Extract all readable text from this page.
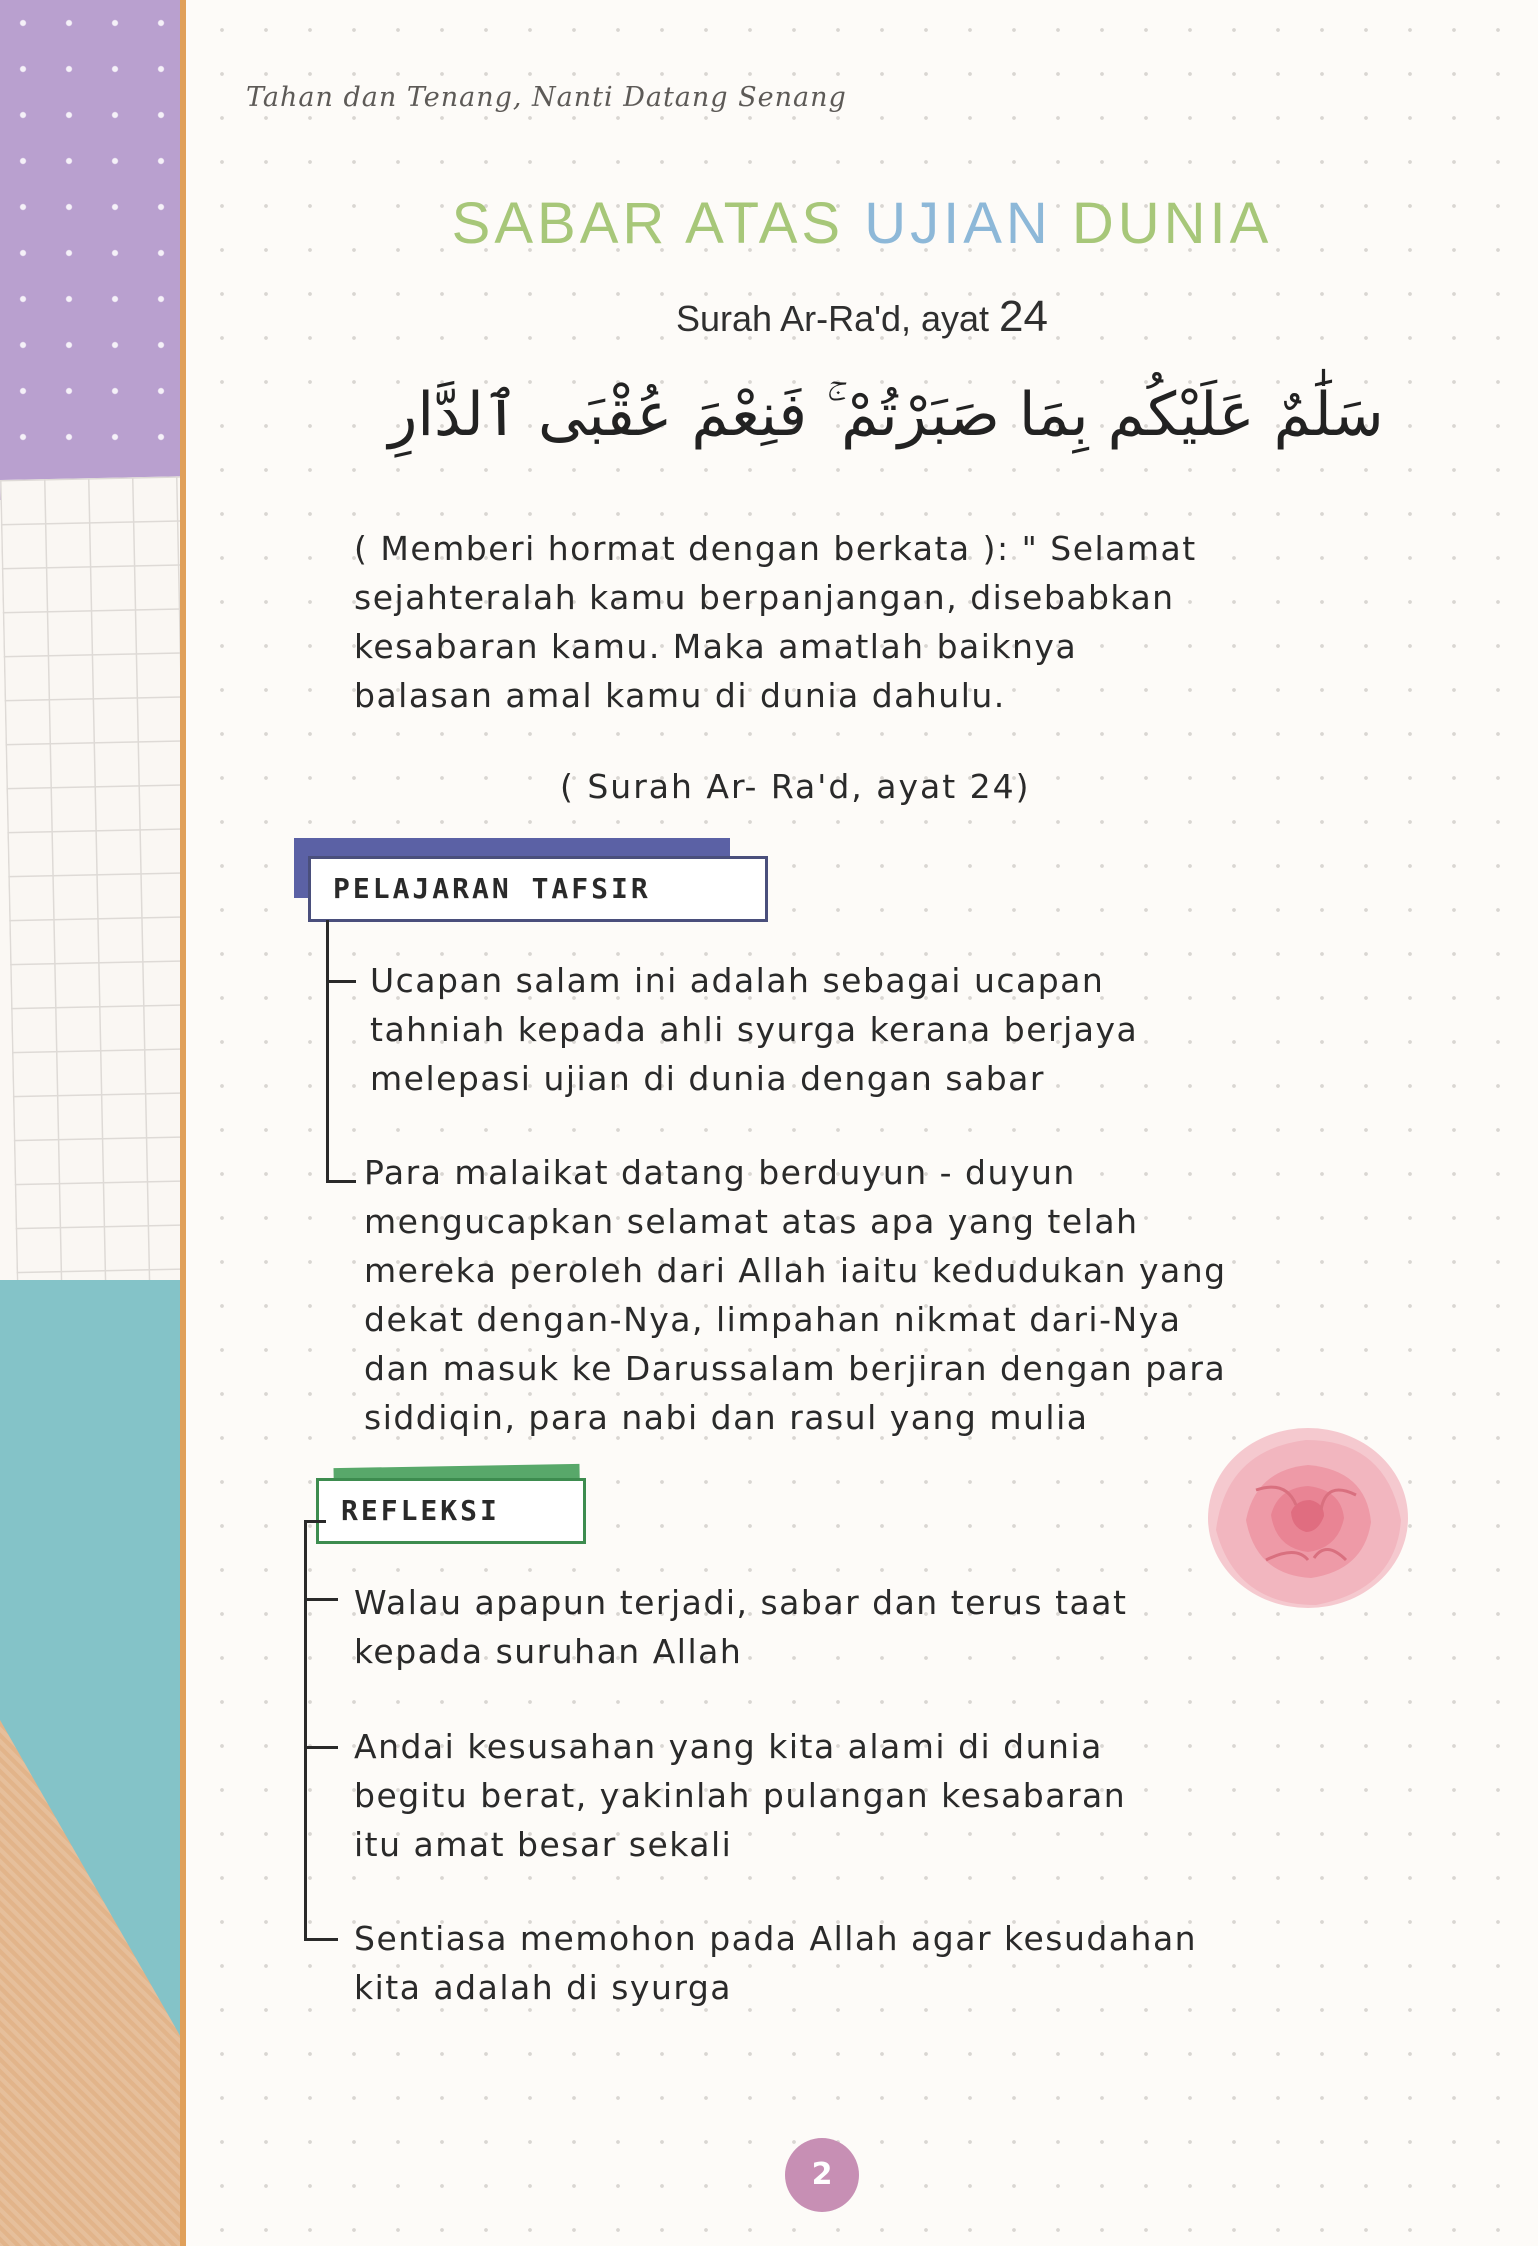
Tahan dan Tenang, Nanti Datang Senang
SABAR ATAS UJIAN DUNIA
Surah Ar-Ra'd, ayat 24
سَلَٰمٌ عَلَيْكُم بِمَا صَبَرْتُمْ ۚ فَنِعْمَ عُقْبَى ٱلدَّارِ

( Memberi hormat dengan berkata ): " Selamat

sejahteralah kamu berpanjangan, disebabkan

kesabaran kamu. Maka amatlah baiknya

balasan amal kamu di dunia dahulu.

( Surah Ar- Ra'd, ayat 24)
PELAJARAN TAFSIR

Ucapan salam ini adalah sebagai ucapan

tahniah kepada ahli syurga kerana berjaya

melepasi ujian di dunia dengan sabar

Para malaikat datang berduyun - duyun

mengucapkan selamat atas apa yang telah

mereka peroleh dari Allah iaitu kedudukan yang

dekat dengan-Nya, limpahan nikmat dari-Nya

dan masuk ke Darussalam berjiran dengan para

siddiqin, para nabi dan rasul yang mulia

REFLEKSI

Walau apapun terjadi, sabar dan terus taat

kepada suruhan Allah

Andai kesusahan yang kita alami di dunia

begitu berat, yakinlah pulangan kesabaran

itu amat besar sekali

Sentiasa memohon pada Allah agar kesudahan

kita adalah di syurga

2
